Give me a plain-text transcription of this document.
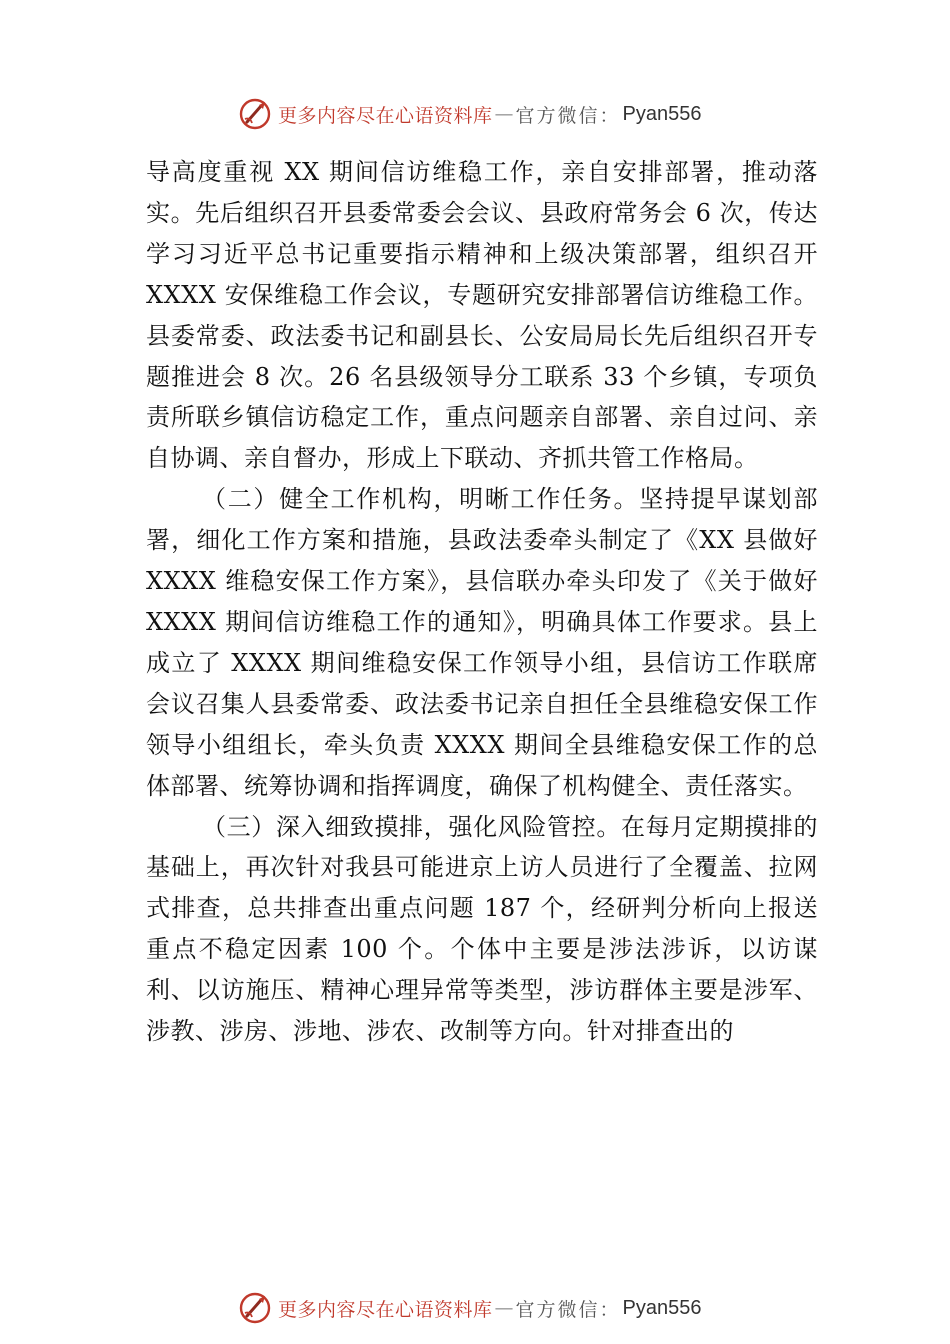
更多内容尽在心语资料库 — 官方微信： Pyan556

导高度重视 XX 期间信访维稳工作，亲自安排部署，推动落实。先后组织召开县委常委会会议、县政府常务会 6 次，传达学习习近平总书记重要指示精神和上级决策部署，组织召开 XXXX 安保维稳工作会议，专题研究安排部署信访维稳工作。县委常委、政法委书记和副县长、公安局局长先后组织召开专题推进会 8 次。26 名县级领导分工联系 33 个乡镇，专项负责所联乡镇信访稳定工作，重点问题亲自部署、亲自过问、亲自协调、亲自督办，形成上下联动、齐抓共管工作格局。

（二）健全工作机构，明晰工作任务。坚持提早谋划部署，细化工作方案和措施，县政法委牵头制定了《XX 县做好 XXXX 维稳安保工作方案》，县信联办牵头印发了《关于做好 XXXX 期间信访维稳工作的通知》，明确具体工作要求。县上成立了 XXXX 期间维稳安保工作领导小组，县信访工作联席会议召集人县委常委、政法委书记亲自担任全县维稳安保工作领导小组组长，牵头负责 XXXX 期间全县维稳安保工作的总体部署、统筹协调和指挥调度，确保了机构健全、责任落实。

（三）深入细致摸排，强化风险管控。在每月定期摸排的基础上，再次针对我县可能进京上访人员进行了全覆盖、拉网式排查，总共排查出重点问题 187 个，经研判分析向上报送重点不稳定因素 100 个。个体中主要是涉法涉诉，以访谋利、以访施压、精神心理异常等类型，涉访群体主要是涉军、涉教、涉房、涉地、涉农、改制等方向。针对排查出的

更多内容尽在心语资料库 — 官方微信： Pyan556
